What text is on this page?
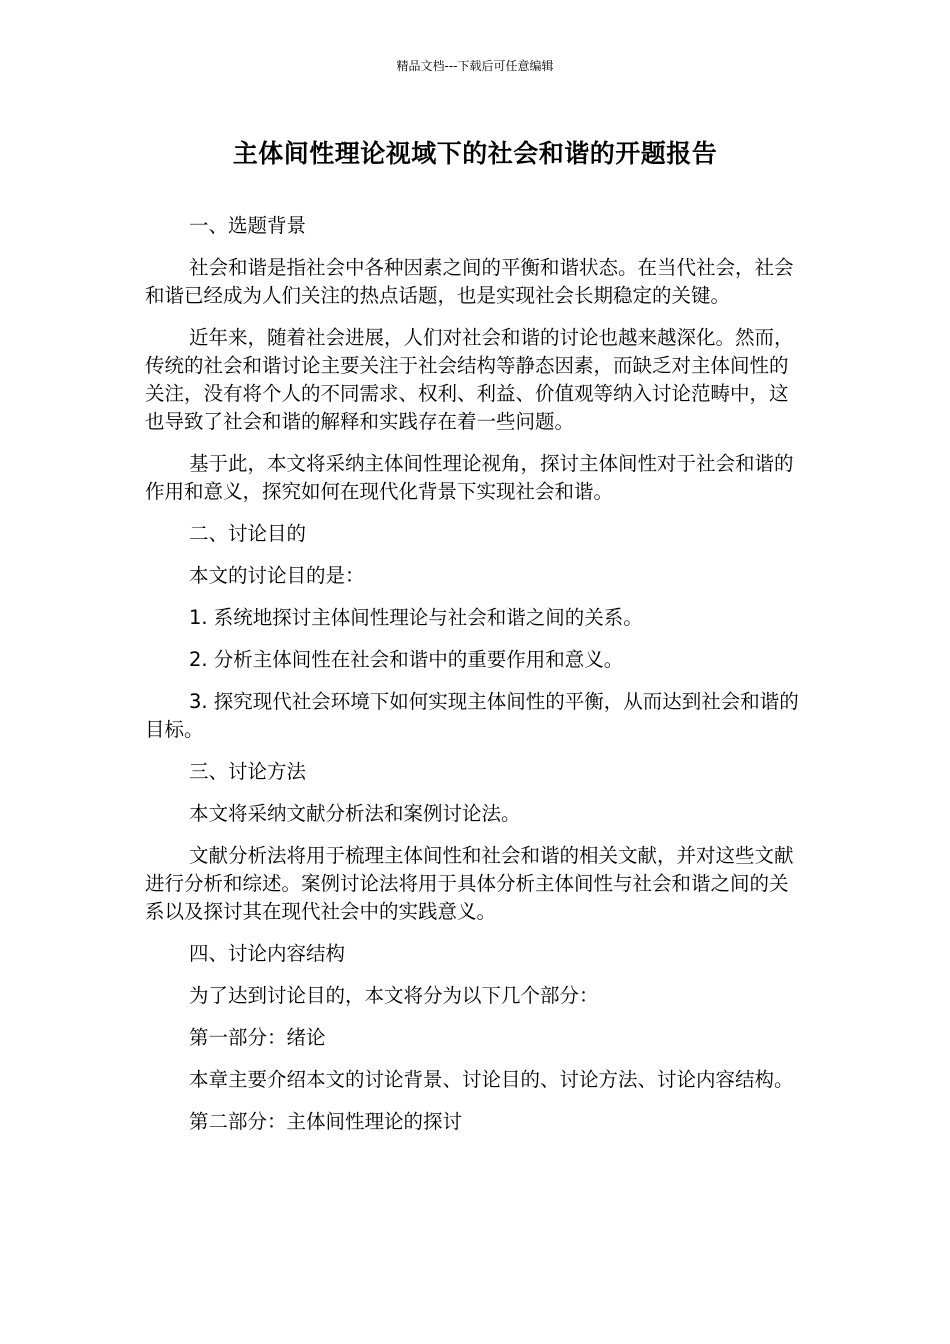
精品文档---下载后可任意编辑
主体间性理论视域下的社会和谐的开题报告

一、选题背景

社会和谐是指社会中各种因素之间的平衡和谐状态。在当代社会，社会和谐已经成为人们关注的热点话题，也是实现社会长期稳定的关键。

近年来，随着社会进展，人们对社会和谐的讨论也越来越深化。然而，传统的社会和谐讨论主要关注于社会结构等静态因素，而缺乏对主体间性的关注，没有将个人的不同需求、权利、利益、价值观等纳入讨论范畴中，这也导致了社会和谐的解释和实践存在着一些问题。

基于此，本文将采纳主体间性理论视角，探讨主体间性对于社会和谐的作用和意义，探究如何在现代化背景下实现社会和谐。

二、讨论目的

本文的讨论目的是：

1. 系统地探讨主体间性理论与社会和谐之间的关系。

2. 分析主体间性在社会和谐中的重要作用和意义。

3. 探究现代社会环境下如何实现主体间性的平衡，从而达到社会和谐的目标。

三、讨论方法

本文将采纳文献分析法和案例讨论法。

文献分析法将用于梳理主体间性和社会和谐的相关文献，并对这些文献进行分析和综述。案例讨论法将用于具体分析主体间性与社会和谐之间的关系以及探讨其在现代社会中的实践意义。

四、讨论内容结构

为了达到讨论目的，本文将分为以下几个部分：

第一部分：绪论

本章主要介绍本文的讨论背景、讨论目的、讨论方法、讨论内容结构。

第二部分：主体间性理论的探讨
